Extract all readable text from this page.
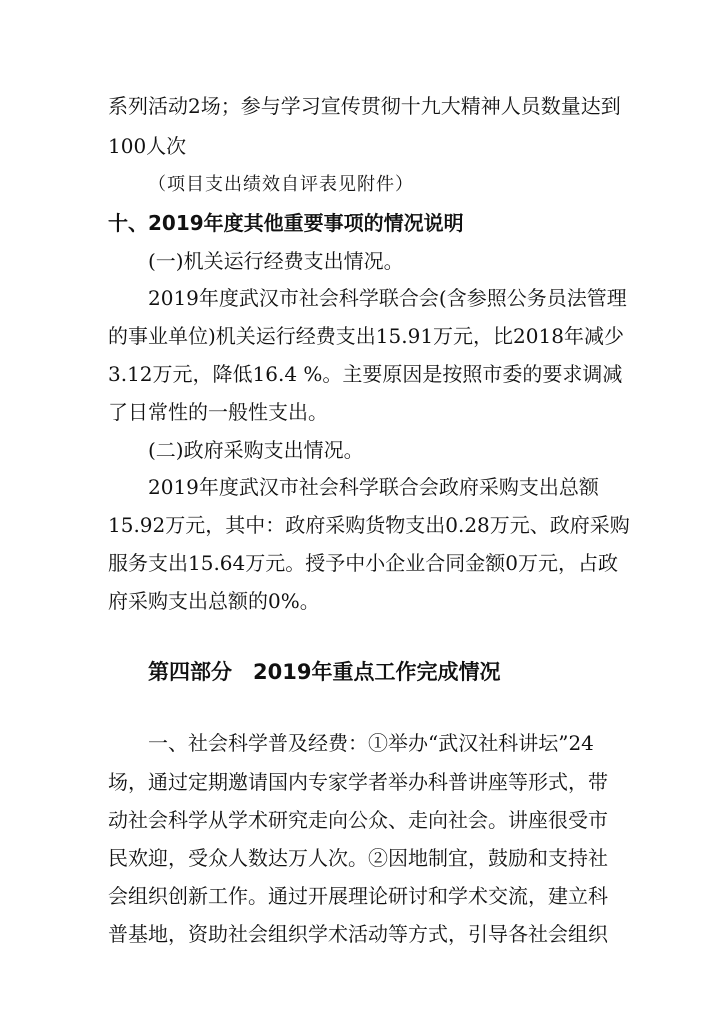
系列活动2场；参与学习宣传贯彻十九大精神人员数量达到
100人次
（项目支出绩效自评表见附件）
十、2019年度其他重要事项的情况说明
(一)机关运行经费支出情况。
2019年度武汉市社会科学联合会(含参照公务员法管理
的事业单位)机关运行经费支出15.91万元，比2018年减少
3.12万元，降低16.4 %。主要原因是按照市委的要求调减
了日常性的一般性支出。
(二)政府采购支出情况。
2019年度武汉市社会科学联合会政府采购支出总额
15.92万元，其中：政府采购货物支出0.28万元、政府采购
服务支出15.64万元。授予中小企业合同金额0万元，占政
府采购支出总额的0%。
第四部分　2019年重点工作完成情况
一、社会科学普及经费：①举办“武汉社科讲坛”24
场，通过定期邀请国内专家学者举办科普讲座等形式，带
动社会科学从学术研究走向公众、走向社会。讲座很受市
民欢迎，受众人数达万人次。②因地制宜，鼓励和支持社
会组织创新工作。通过开展理论研讨和学术交流，建立科
普基地，资助社会组织学术活动等方式，引导各社会组织
